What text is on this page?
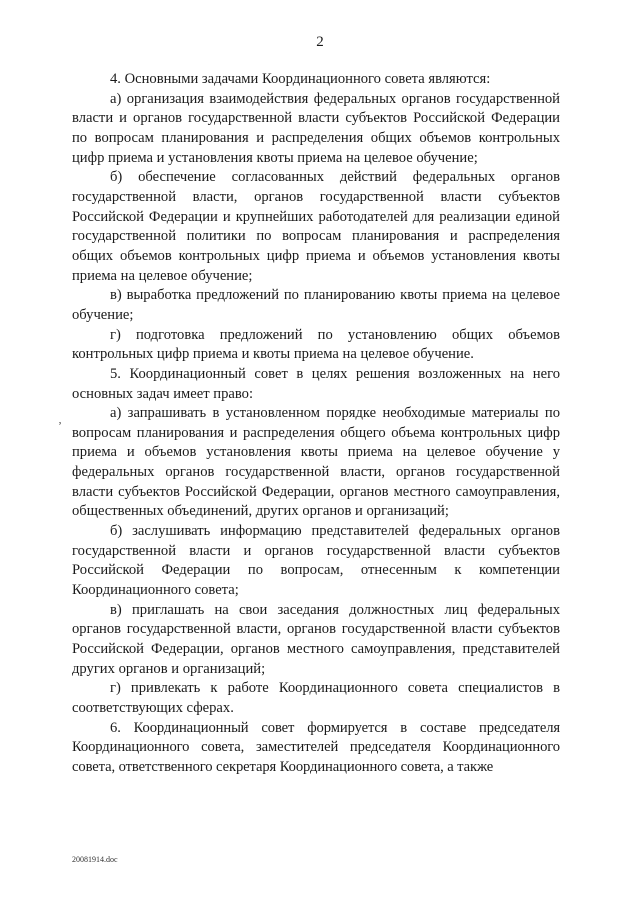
2

4. Основными задачами Координационного совета являются:

а) организация взаимодействия федеральных органов государственной власти и органов государственной власти субъектов Российской Федерации по вопросам планирования и распределения общих объемов контрольных цифр приема и установления квоты приема на целевое обучение;

б) обеспечение согласованных действий федеральных органов государственной власти, органов государственной власти субъектов Российской Федерации и крупнейших работодателей для реализации единой государственной политики по вопросам планирования и распределения общих объемов контрольных цифр приема и объемов установления квоты приема на целевое обучение;

в) выработка предложений по планированию квоты приема на целевое обучение;

г) подготовка предложений по установлению общих объемов контрольных цифр приема и квоты приема на целевое обучение.

5. Координационный совет в целях решения возложенных на него основных задач имеет право:

а) запрашивать в установленном порядке необходимые материалы по вопросам планирования и распределения общего объема контрольных цифр приема и объемов установления квоты приема на целевое обучение у федеральных органов государственной власти, органов государственной власти субъектов Российской Федерации, органов местного самоуправления, общественных объединений, других органов и организаций;

б) заслушивать информацию представителей федеральных органов государственной власти и органов государственной власти субъектов Российской Федерации по вопросам, отнесенным к компетенции Координационного совета;

в) приглашать на свои заседания должностных лиц федеральных органов государственной власти, органов государственной власти субъектов Российской Федерации, органов местного самоуправления, представителей других органов и организаций;

г) привлекать к работе Координационного совета специалистов в соответствующих сферах.

6. Координационный совет формируется в составе председателя Координационного совета, заместителей председателя Координационного совета, ответственного секретаря Координационного совета, а также

‚
20081914.doc
